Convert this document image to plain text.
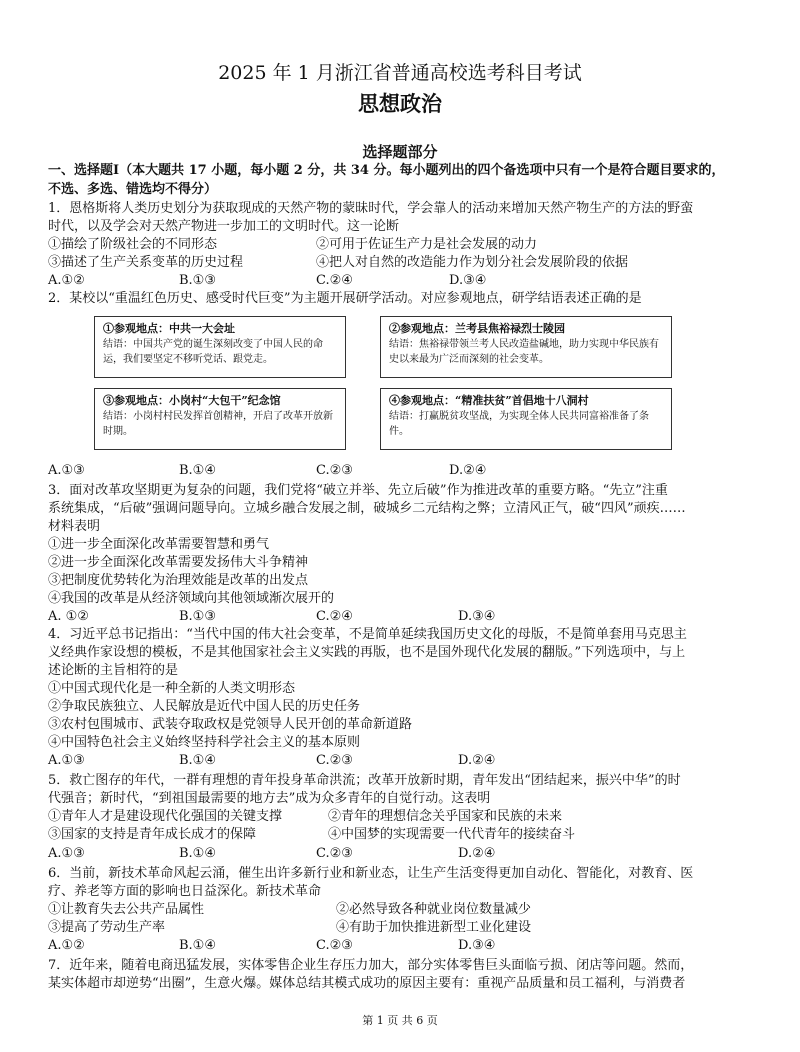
2025 年 1 月浙江省普通高校选考科目考试
思想政治
选择题部分
一、选择题Ⅰ（本大题共 17 小题，每小题 2 分，共 34 分。每小题列出的四个备选项中只有一个是符合题目要求的，
不选、多选、错选均不得分）
1．恩格斯将人类历史划分为获取现成的天然产物的蒙昧时代，学会靠人的活动来增加天然产物生产的方法的野蛮
时代，以及学会对天然产物进一步加工的文明时代。这一论断
①描绘了阶级社会的不同形态	②可用于佐证生产力是社会发展的动力
③描述了生产关系变革的历史过程	④把人对自然的改造能力作为划分社会发展阶段的依据
A.①②	B.①③	C.②④	D.③④
2．某校以“重温红色历史、感受时代巨变”为主题开展研学活动。对应参观地点，研学结语表述正确的是
①参观地点：中共一大会址
结语：中国共产党的诞生深刻改变了中国人民的命运，我们要坚定不移听党话、跟党走。
②参观地点：兰考县焦裕禄烈士陵园
结语：焦裕禄带领兰考人民改造盐碱地，助力实现中华民族有史以来最为广泛而深刻的社会变革。
③参观地点：小岗村“大包干”纪念馆
结语：小岗村村民发挥首创精神，开启了改革开放新时期。
④参观地点：“精准扶贫”首倡地十八洞村
结语：打赢脱贫攻坚战，为实现全体人民共同富裕准备了条件。
A.①③	B.①④	C.②③	D.②④
3．面对改革攻坚期更为复杂的问题，我们党将“破立并举、先立后破”作为推进改革的重要方略。“先立”注重
系统集成，“后破”强调问题导向。立城乡融合发展之制，破城乡二元结构之弊；立清风正气，破“四风”顽疾……
材料表明
①进一步全面深化改革需要智慧和勇气
②进一步全面深化改革需要发扬伟大斗争精神
③把制度优势转化为治理效能是改革的出发点
④我国的改革是从经济领域向其他领域渐次展开的
A. ①②	B.①③	C.②④	D.③④
4．习近平总书记指出：“当代中国的伟大社会变革，不是简单延续我国历史文化的母版，不是简单套用马克思主
义经典作家设想的模板，不是其他国家社会主义实践的再版，也不是国外现代化发展的翻版。”下列选项中，与上
述论断的主旨相符的是
①中国式现代化是一种全新的人类文明形态
②争取民族独立、人民解放是近代中国人民的历史任务
③农村包围城市、武装夺取政权是党领导人民开创的革命新道路
④中国特色社会主义始终坚持科学社会主义的基本原则
A.①③	B.①④	C.②③	D.②④
5．救亡图存的年代，一群有理想的青年投身革命洪流；改革开放新时期，青年发出“团结起来，振兴中华”的时
代强音；新时代，“到祖国最需要的地方去”成为众多青年的自觉行动。这表明
①青年人才是建设现代化强国的关键支撑	②青年的理想信念关乎国家和民族的未来
③国家的支持是青年成长成才的保障	④中国梦的实现需要一代代青年的接续奋斗
A.①③	B.①④	C.②③	D.②④
6．当前，新技术革命风起云涌，催生出许多新行业和新业态，让生产生活变得更加自动化、智能化，对教育、医
疗、养老等方面的影响也日益深化。新技术革命
①让教育失去公共产品属性	②必然导致各种就业岗位数量减少
③提高了劳动生产率	④有助于加快推进新型工业化建设
A.①②	B.①④	C.②③	D.③④
7．近年来，随着电商迅猛发展，实体零售企业生存压力加大，部分实体零售巨头面临亏损、闭店等问题。然而，
某实体超市却逆势“出圈”，生意火爆。媒体总结其模式成功的原因主要有：重视产品质量和员工福利，与消费者
第 1 页 共 6 页
